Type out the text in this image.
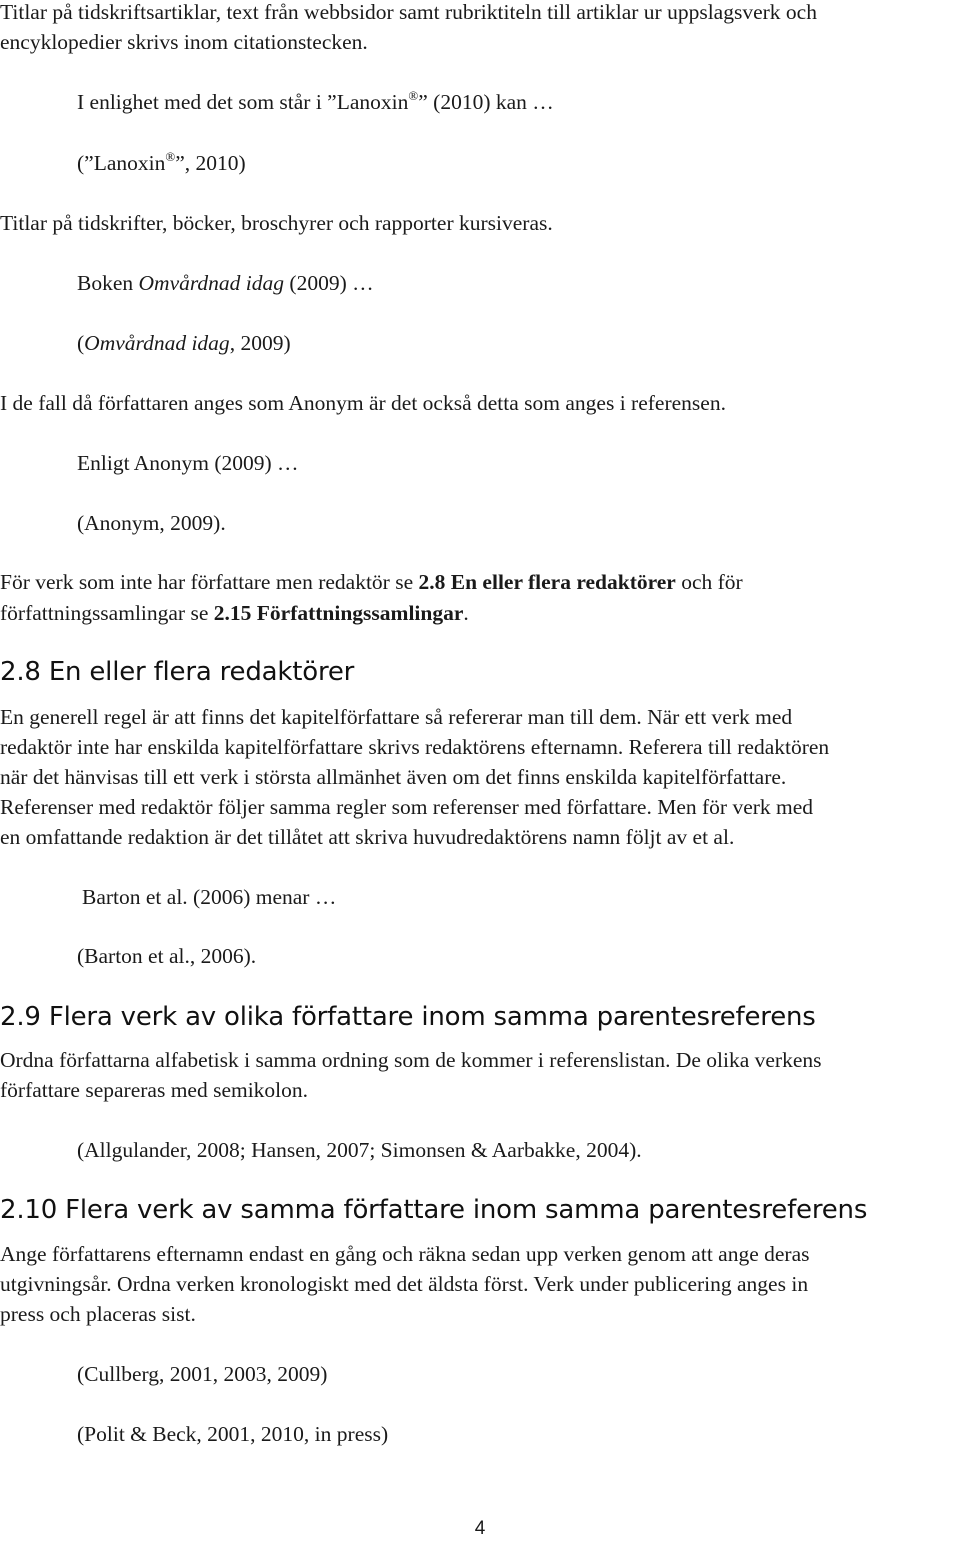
Titlar på tidskriftsartiklar, text från webbsidor samt rubriktiteln till artiklar ur uppslagsverk och
encyklopedier skrivs inom citationstecken.
I enlighet med det som står i ”Lanoxin®” (2010) kan …
(”Lanoxin®”, 2010)
Titlar på tidskrifter, böcker, broschyrer och rapporter kursiveras.
Boken Omvårdnad idag (2009) …
(Omvårdnad idag, 2009)
I de fall då författaren anges som Anonym är det också detta som anges i referensen.
Enligt Anonym (2009) …
(Anonym, 2009).
För verk som inte har författare men redaktör se 2.8 En eller flera redaktörer och för
författningssamlingar se 2.15 Författningssamlingar.
2.8 En eller flera redaktörer
En generell regel är att finns det kapitelförfattare så refererar man till dem. När ett verk med
redaktör inte har enskilda kapitelförfattare skrivs redaktörens efternamn. Referera till redaktören
när det hänvisas till ett verk i största allmänhet även om det finns enskilda kapitelförfattare.
Referenser med redaktör följer samma regler som referenser med författare. Men för verk med
en omfattande redaktion är det tillåtet att skriva huvudredaktörens namn följt av et al.
Barton et al. (2006) menar …
(Barton et al., 2006).
2.9 Flera verk av olika författare inom samma parentesreferens
Ordna författarna alfabetisk i samma ordning som de kommer i referenslistan. De olika verkens
författare separeras med semikolon.
(Allgulander, 2008; Hansen, 2007; Simonsen & Aarbakke, 2004).
2.10 Flera verk av samma författare inom samma parentesreferens
Ange författarens efternamn endast en gång och räkna sedan upp verken genom att ange deras
utgivningsår. Ordna verken kronologiskt med det äldsta först. Verk under publicering anges in
press och placeras sist.
(Cullberg, 2001, 2003, 2009)
(Polit & Beck, 2001, 2010, in press)
4
